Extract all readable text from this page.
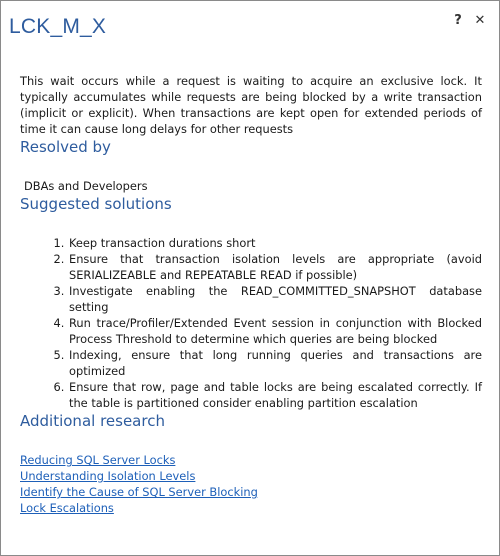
LCK_M_X	? ✕

This wait occurs while a request is waiting to acquire an exclusive lock. It typically accumulates while requests are being blocked by a write transaction (implicit or explicit). When transactions are kept open for extended periods of time it can cause long delays for other requests

Resolved by
DBAs and Developers
Suggested solutions
1. Keep transaction durations short
2. Ensure that transaction isolation levels are appropriate (avoid SERIALIZEABLE and REPEATABLE READ if possible)
3. Investigate enabling the READ_COMMITTED_SNAPSHOT database setting
4. Run trace/Profiler/Extended Event session in conjunction with Blocked Process Threshold to determine which queries are being blocked
5. Indexing, ensure that long running queries and transactions are optimized
6. Ensure that row, page and table locks are being escalated correctly. If the table is partitioned consider enabling partition escalation
Additional research
Reducing SQL Server Locks
Understanding Isolation Levels
Identify the Cause of SQL Server Blocking
Lock Escalations
